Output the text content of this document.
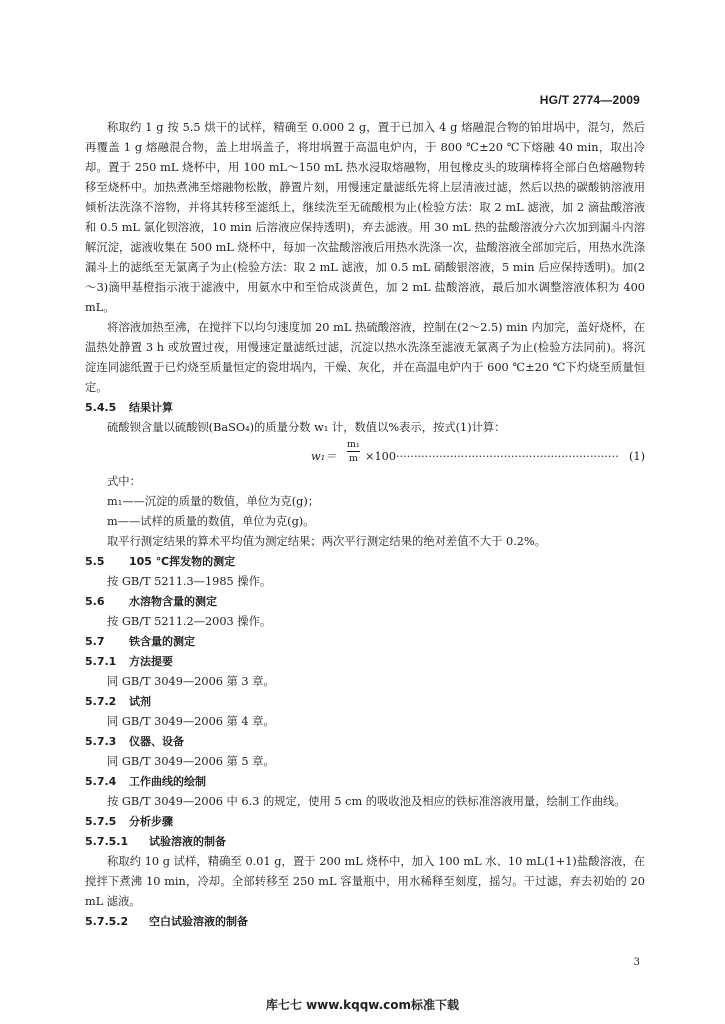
HG/T 2774—2009

称取约 1 g 按 5.5 烘干的试样，精确至 0.000 2 g，置于已加入 4 g 熔融混合物的铂坩埚中，混匀，然后再覆盖 1 g 熔融混合物，盖上坩埚盖子，将坩埚置于高温电炉内，于 800 ℃±20 ℃下熔融 40 min，取出冷却。置于 250 mL 烧杯中，用 100 mL～150 mL 热水浸取熔融物，用包橡皮头的玻璃棒将全部白色熔融物转移至烧杯中。加热煮沸至熔融物松散，静置片刻，用慢速定量滤纸先将上层清液过滤，然后以热的碳酸钠溶液用倾析法洗涤不溶物，并将其转移至滤纸上，继续洗至无硫酸根为止(检验方法：取 2 mL 滤液，加 2 滴盐酸溶液和 0.5 mL 氯化钡溶液，10 min 后溶液应保持透明)，弃去滤液。用 30 mL 热的盐酸溶液分六次加到漏斗内溶解沉淀，滤液收集在 500 mL 烧杯中，每加一次盐酸溶液后用热水洗涤一次，盐酸溶液全部加完后，用热水洗涤漏斗上的滤纸至无氯离子为止(检验方法：取 2 mL 滤液，加 0.5 mL 硝酸银溶液，5 min 后应保持透明)。加(2～3)滴甲基橙指示液于滤液中，用氨水中和至恰成淡黄色，加 2 mL 盐酸溶液，最后加水调整溶液体积为 400 mL。

将溶液加热至沸，在搅拌下以均匀速度加 20 mL 热硫酸溶液，控制在(2～2.5) min 内加完，盖好烧杯，在温热处静置 3 h 或放置过夜，用慢速定量滤纸过滤，沉淀以热水洗涤至滤液无氯离子为止(检验方法同前)。将沉淀连同滤纸置于已灼烧至质量恒定的瓷坩埚内，干燥、灰化，并在高温电炉内于 600 ℃±20 ℃下灼烧至质量恒定。

5.4.5 结果计算

硫酸钡含量以硫酸钡(BaSO₄)的质量分数 w₁ 计，数值以%表示，按式(1)计算：

$w_1= \frac{\text{m₁}}{m} \times 100\cdot\cdot\cdot\cdot\cdot\cdot\cdot\cdot\cdot\cdot\cdot\cdot\cdot\cdot\cdot\cdot\cdot\cdot\cdot\cdot\cdot\cdot\cdot\cdot\cdot\cdot\cdot\cdot\cdot\cdot\cdot\cdot\cdot\cdot\cdot\cdot\cdot\cdot\cdot\cdot\cdot\cdot\cdot\cdot\cdot\cdot\cdot\cdot\cdot\cdot\cdot\cdot\cdot\cdot\cdot\cdot\cdot\cdot\cdot\cdot\cdot\cdot (1)$

式中：

m₁——沉淀的质量的数值，单位为克(g)；

m——试样的质量的数值，单位为克(g)。

取平行测定结果的算术平均值为测定结果；两次平行测定结果的绝对差值不大于 0.2%。

5.5 105 ℃挥发物的测定

按 GB/T 5211.3—1985 操作。

5.6 水溶物含量的测定

按 GB/T 5211.2—2003 操作。

5.7 铁含量的测定

5.7.1 方法提要

同 GB/T 3049—2006 第 3 章。

5.7.2 试剂

同 GB/T 3049—2006 第 4 章。

5.7.3 仪器、设备

同 GB/T 3049—2006 第 5 章。

5.7.4 工作曲线的绘制

按 GB/T 3049—2006 中 6.3 的规定，使用 5 cm 的吸收池及相应的铁标准溶液用量，绘制工作曲线。

5.7.5 分析步骤

5.7.5.1 试验溶液的制备

称取约 10 g 试样，精确至 0.01 g，置于 200 mL 烧杯中，加入 100 mL 水、10 mL(1+1)盐酸溶液，在搅拌下煮沸 10 min，冷却。全部转移至 250 mL 容量瓶中，用水稀释至刻度，摇匀。干过滤，弃去初始的 20 mL 滤液。

5.7.5.2 空白试验溶液的制备

3
库七七 www.kqqw.com标准下载
